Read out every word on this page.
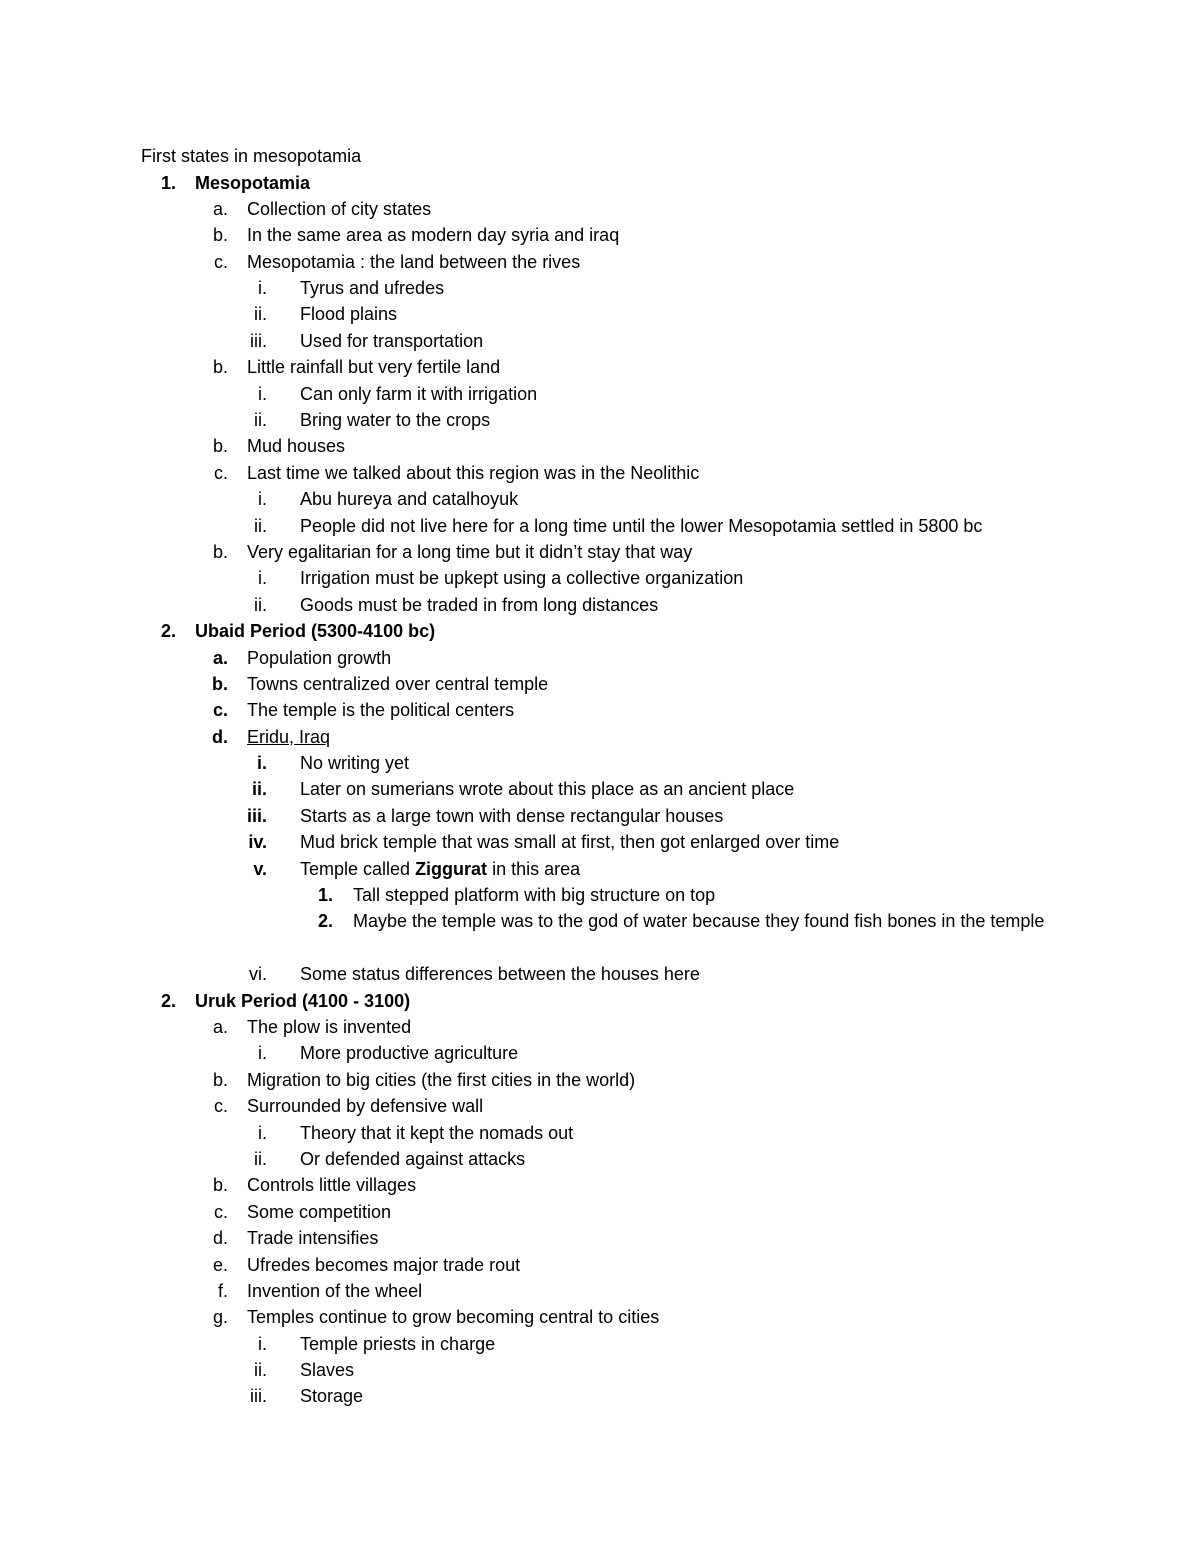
First states in mesopotamia
1. Mesopotamia
a. Collection of city states
b. In the same area as modern day syria and iraq
c. Mesopotamia : the land between the rives
i. Tyrus and ufredes
ii. Flood plains
iii. Used for transportation
b. Little rainfall but very fertile land
i. Can only farm it with irrigation
ii. Bring water to the crops
b. Mud houses
c. Last time we talked about this region was in the Neolithic
i. Abu hureya and catalhoyuk
ii. People did not live here for a long time until the lower Mesopotamia settled in 5800 bc
b. Very egalitarian for a long time but it didn’t stay that way
i. Irrigation must be upkept using a collective organization
ii. Goods must be traded in from long distances
2. Ubaid Period (5300-4100 bc)
a. Population growth
b. Towns centralized over central temple
c. The temple is the political centers
d. Eridu, Iraq
i. No writing yet
ii. Later on sumerians wrote about this place as an ancient place
iii. Starts as a large town with dense rectangular houses
iv. Mud brick temple that was small at first, then got enlarged over time
v. Temple called Ziggurat in this area
1. Tall stepped platform with big structure on top
2. Maybe the temple was to the god of water because they found fish bones in the temple
vi. Some status differences between the houses here
2. Uruk Period (4100 - 3100)
a. The plow is invented
i. More productive agriculture
b. Migration to big cities (the first cities in the world)
c. Surrounded by defensive wall
i. Theory that it kept the nomads out
ii. Or defended against attacks
b. Controls little villages
c. Some competition
d. Trade intensifies
e. Ufredes becomes major trade rout
f. Invention of the wheel
g. Temples continue to grow becoming central to cities
i. Temple priests in charge
ii. Slaves
iii. Storage
